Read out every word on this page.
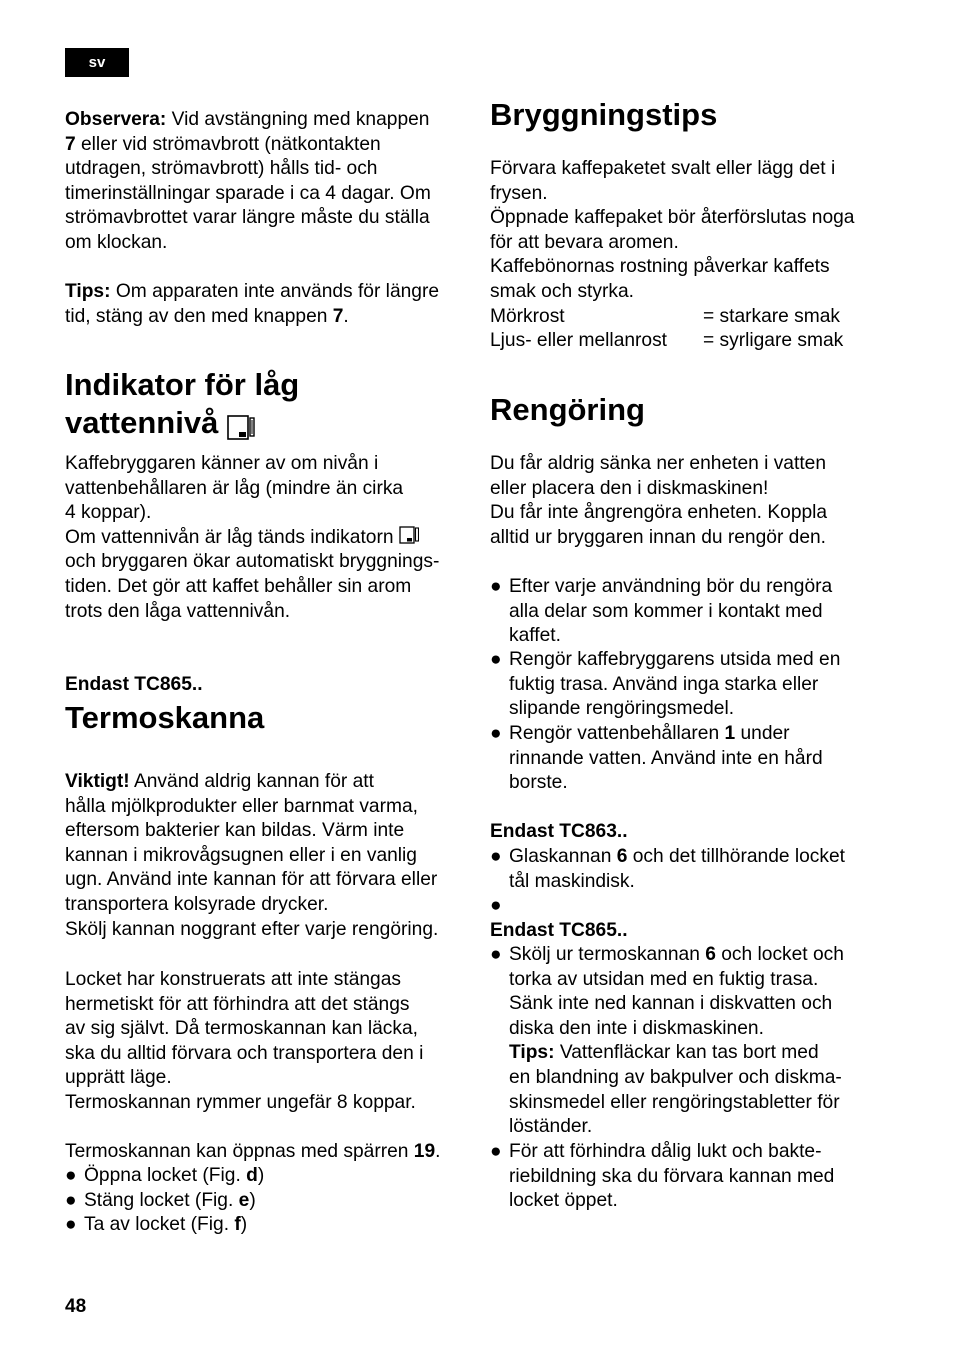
sv
Observera: Vid avstängning med knappen
7 eller vid strömavbrott (nätkontakten
utdragen, strömavbrott) hålls tid- och
timerinställningar sparade i ca 4 dagar. Om
strömavbrottet varar längre måste du ställa
om klockan.
Tips: Om apparaten inte används för längre
tid, stäng av den med knappen 7.
Indikator för låg
vattennivå
Kaffebryggaren känner av om nivån i
vattenbehållaren är låg (mindre än cirka
4 koppar).
Om vattennivån är låg tänds indikatorn
och bryggaren ökar automatiskt bryggnings-
tiden. Det gör att kaffet behåller sin arom
trots den låga vattennivån.
Endast TC865..
Termoskanna
Viktigt! Använd aldrig kannan för att
hålla mjölkprodukter eller barnmat varma,
eftersom bakterier kan bildas. Värm inte
kannan i mikrovågsugnen eller i en vanlig
ugn. Använd inte kannan för att förvara eller
transportera kolsyrade drycker.
Skölj kannan noggrant efter varje rengöring.
Locket har konstruerats att inte stängas
hermetiskt för att förhindra att det stängs
av sig självt. Då termoskannan kan läcka,
ska du alltid förvara och transportera den i
upprätt läge.
Termoskannan rymmer ungefär 8 koppar.
Termoskannan kan öppnas med spärren 19.
● Öppna locket (Fig. d)
● Stäng locket (Fig. e)
● Ta av locket (Fig. f)
Bryggningstips
Förvara kaffepaketet svalt eller lägg det i
frysen.
Öppnade kaffepaket bör återförslutas noga
för att bevara aromen.
Kaffebönornas rostning påverkar kaffets
smak och styrka.
Mörkrost	= starkare smak
Ljus- eller mellanrost = syrligare smak
Rengöring
Du får aldrig sänka ner enheten i vatten
eller placera den i diskmaskinen!
Du får inte ångrengöra enheten. Koppla
alltid ur bryggaren innan du rengör den.
● Efter varje användning bör du rengöra
alla delar som kommer i kontakt med
kaffet.
● Rengör kaffebryggarens utsida med en
fuktig trasa. Använd inga starka eller
slipande rengöringsmedel.
● Rengör vattenbehållaren 1 under
rinnande vatten. Använd inte en hård
borste.
Endast TC863..
● Glaskannan 6 och det tillhörande locket
tål maskindisk.
●
Endast TC865..
● Skölj ur termoskannan 6 och locket och
torka av utsidan med en fuktig trasa.
Sänk inte ned kannan i diskvatten och
diska den inte i diskmaskinen.
Tips: Vattenfläckar kan tas bort med
en blandning av bakpulver och diskma-
skinsmedel eller rengöringstabletter för
löständer.
● För att förhindra dålig lukt och bakte-
riebildning ska du förvara kannan med
locket öppet.
48
